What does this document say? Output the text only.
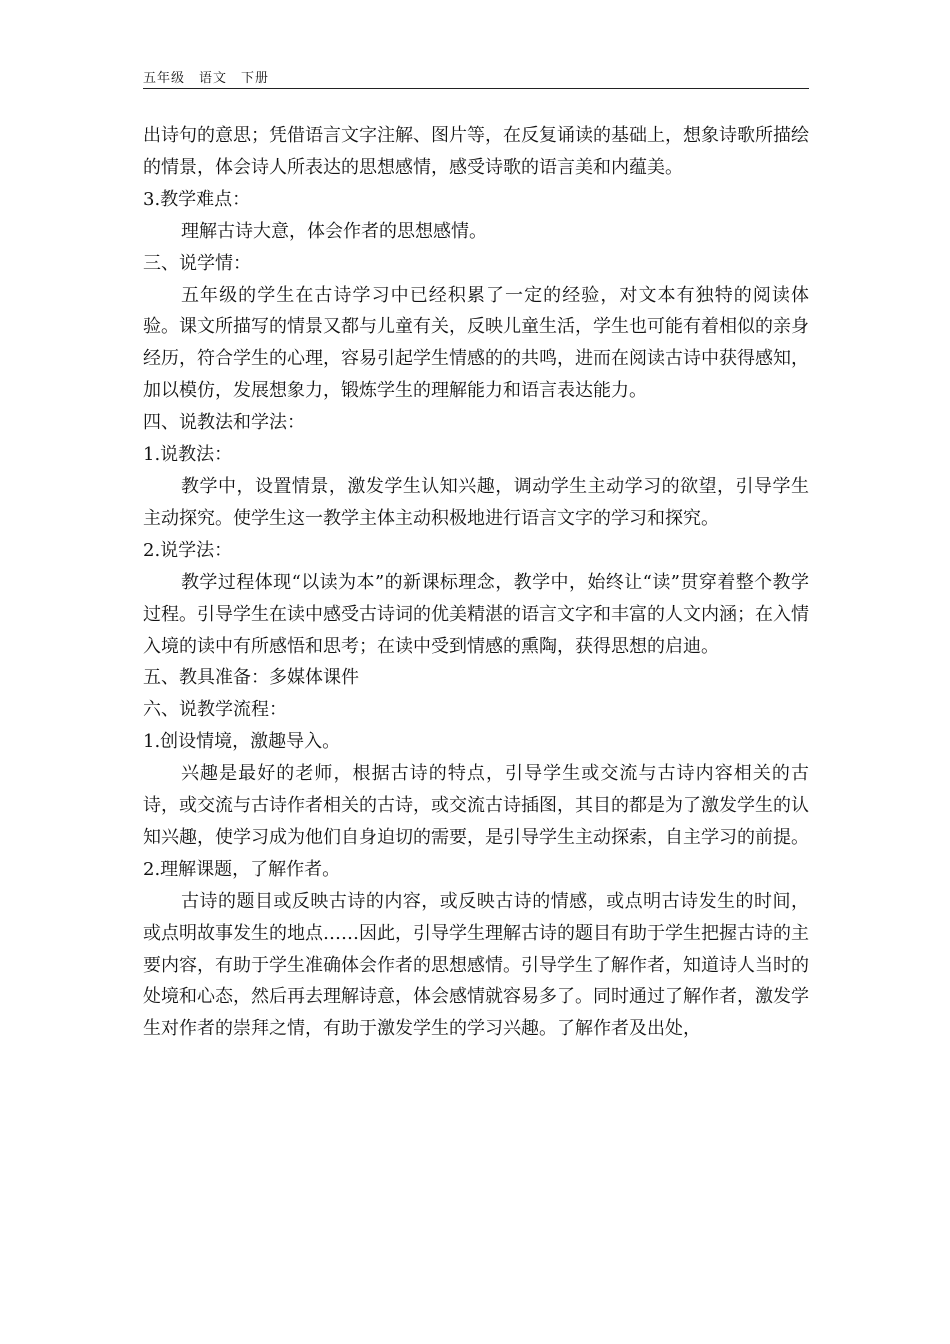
五年级　语文　下册

出诗句的意思；凭借语言文字注解、图片等，在反复诵读的基础上，想象诗歌所描绘的情景，体会诗人所表达的思想感情，感受诗歌的语言美和内蕴美。

3.教学难点：

理解古诗大意，体会作者的思想感情。

三、说学情：

五年级的学生在古诗学习中已经积累了一定的经验，对文本有独特的阅读体验。课文所描写的情景又都与儿童有关，反映儿童生活，学生也可能有着相似的亲身经历，符合学生的心理，容易引起学生情感的的共鸣，进而在阅读古诗中获得感知，加以模仿，发展想象力，锻炼学生的理解能力和语言表达能力。

四、说教法和学法：

1.说教法：

教学中，设置情景，激发学生认知兴趣，调动学生主动学习的欲望，引导学生主动探究。使学生这一教学主体主动积极地进行语言文字的学习和探究。

2.说学法：

教学过程体现“以读为本”的新课标理念，教学中，始终让“读”贯穿着整个教学过程。引导学生在读中感受古诗词的优美精湛的语言文字和丰富的人文内涵；在入情入境的读中有所感悟和思考；在读中受到情感的熏陶，获得思想的启迪。

五、教具准备：多媒体课件

六、说教学流程：

1.创设情境，激趣导入。

兴趣是最好的老师，根据古诗的特点，引导学生或交流与古诗内容相关的古诗，或交流与古诗作者相关的古诗，或交流古诗插图，其目的都是为了激发学生的认知兴趣，使学习成为他们自身迫切的需要，是引导学生主动探索，自主学习的前提。

2.理解课题，了解作者。

古诗的题目或反映古诗的内容，或反映古诗的情感，或点明古诗发生的时间，或点明故事发生的地点……因此，引导学生理解古诗的题目有助于学生把握古诗的主要内容，有助于学生准确体会作者的思想感情。引导学生了解作者，知道诗人当时的处境和心态，然后再去理解诗意，体会感情就容易多了。同时通过了解作者，激发学生对作者的崇拜之情，有助于激发学生的学习兴趣。了解作者及出处，
